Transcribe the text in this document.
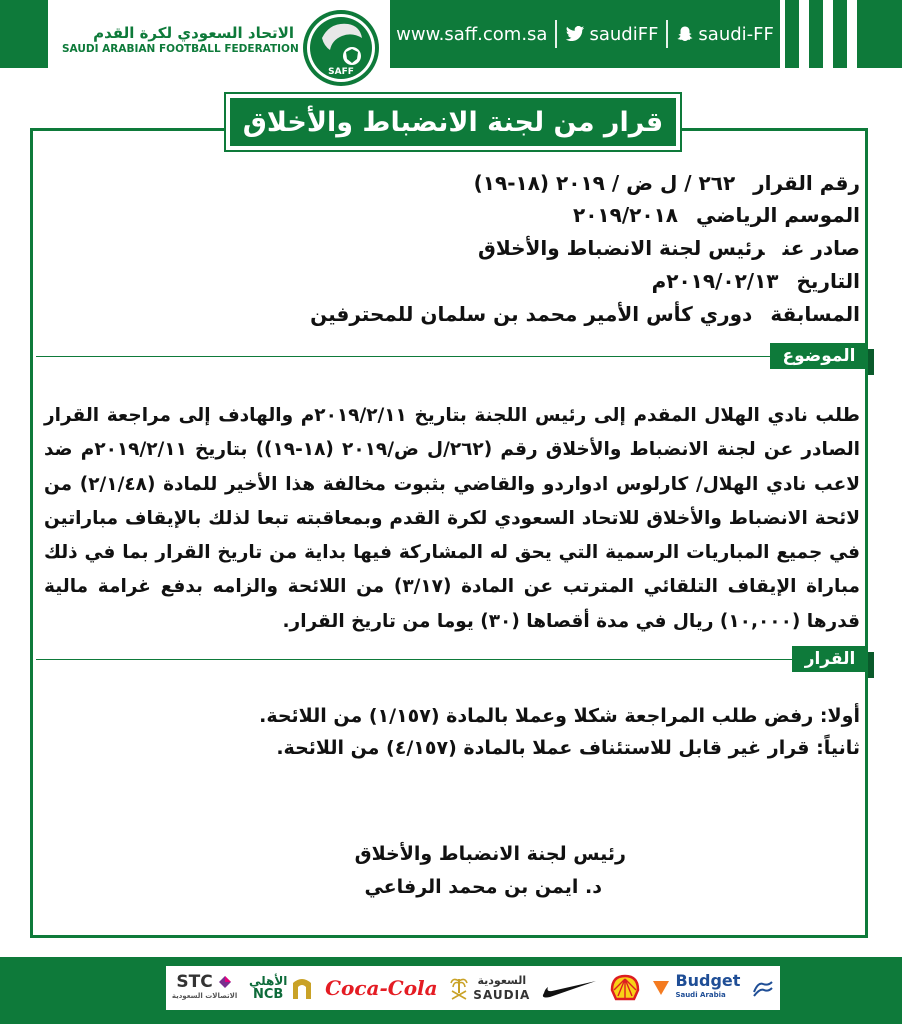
الاتحاد السعودي لكرة القدم
SAUDI ARABIAN FOOTBALL FEDERATION
SAFF
www.saff.com.sa saudiFF saudi-FF
قرار من لجنة الانضباط والأخلاق
رقم القرار٢٦٢ / ل ض / ٢٠١٩ (١٨-١٩)
الموسم الرياضي٢٠١٩/٢٠١٨
صادر عنرئيس لجنة الانضباط والأخلاق
التاريخ٢٠١٩/٠٢/١٣م
المسابقةدوري كأس الأمير محمد بن سلمان للمحترفين
الموضوع
طلب نادي الهلال المقدم إلى رئيس اللجنة بتاريخ ٢٠١٩/٢/١١م والهادف إلى مراجعة القرار الصادر عن لجنة الانضباط والأخلاق رقم (٢٦٢/ل ض/٢٠١٩ (١٨-١٩)) بتاريخ ٢٠١٩/٢/١١م ضد لاعب نادي الهلال/ كارلوس ادواردو والقاضي بثبوت مخالفة هذا الأخير للمادة (٢/١/٤٨) من لائحة الانضباط والأخلاق للاتحاد السعودي لكرة القدم وبمعاقبته تبعا لذلك بالإيقاف مباراتين في جميع المباريات الرسمية التي يحق له المشاركة فيها بداية من تاريخ القرار بما في ذلك مباراة الإيقاف التلقائي المترتب عن المادة (٣/١٧) من اللائحة والزامه بدفع غرامة مالية قدرها (١٠,٠٠٠) ريال في مدة أقصاها (٣٠) يوما من تاريخ القرار.
القرار
أولا: رفض طلب المراجعة شكلا وعملا بالمادة (١/١٥٧) من اللائحة.
ثانياً: قرار غير قابل للاستئناف عملا بالمادة (٤/١٥٧) من اللائحة.
رئيس لجنة الانضباط والأخلاق
د. ايمن بن محمد الرفاعي
STC
الاتصالات السعودية
الأهلي
NCB Coca-Cola	السعودية
SAUDIA
Budget
Saudi Arabia
